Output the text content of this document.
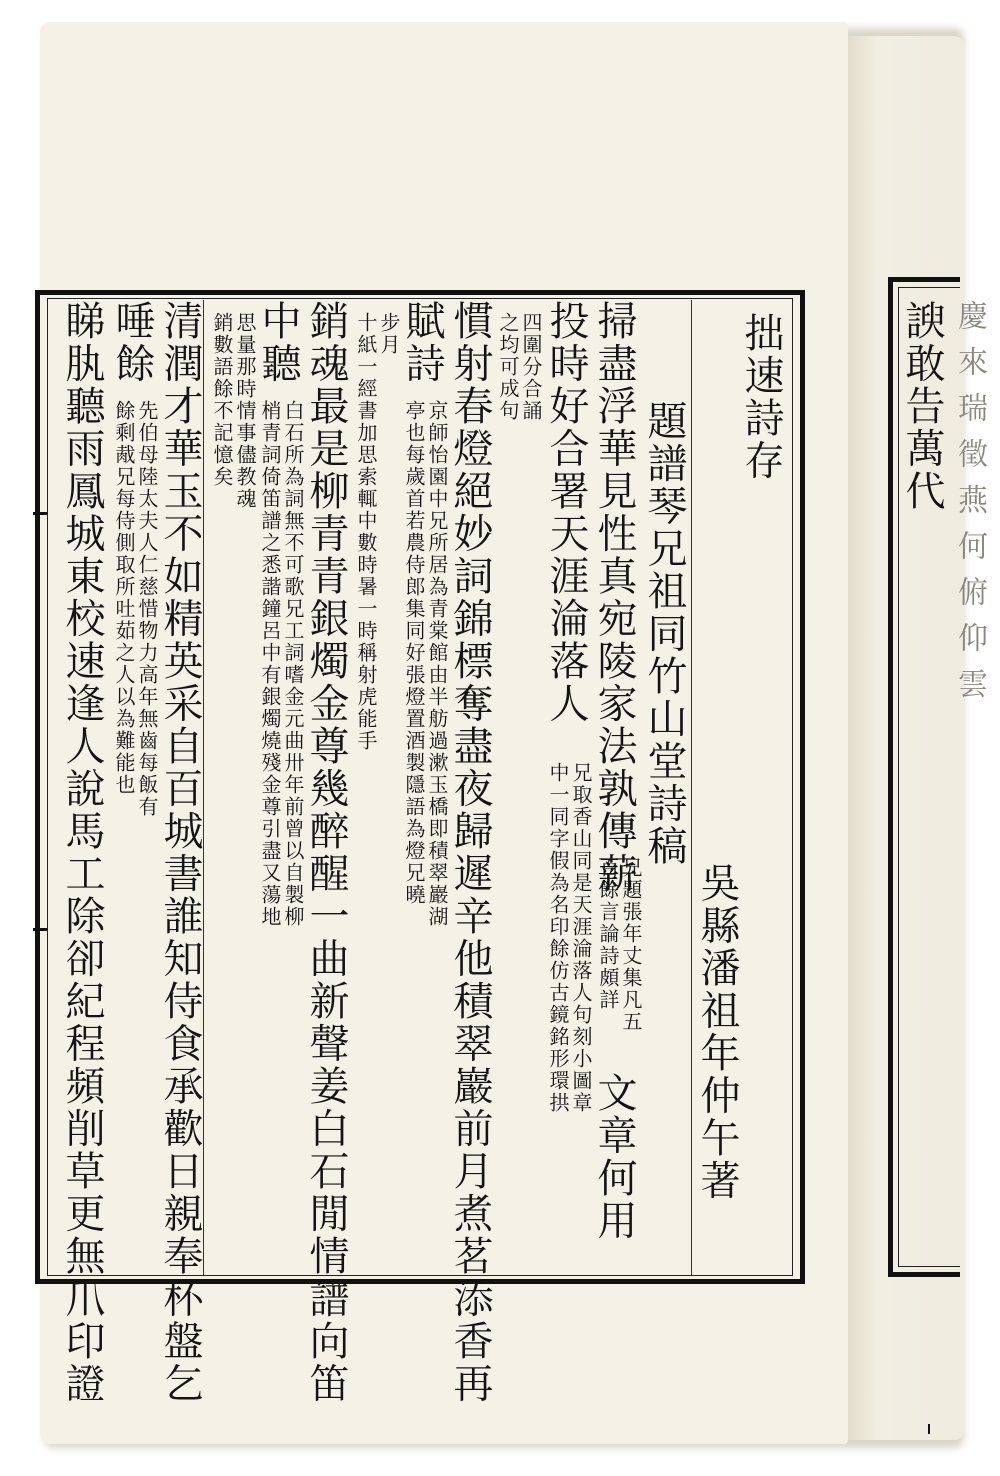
諛敢告萬代 慶來瑞徵燕何俯仰雲
拙速詩存
題譜琴兄祖同竹山堂詩稿
吳縣潘祖年仲午著
掃盡浮華見性真宛陵家法孰傳薪
兄題張年丈集凡五
百餘言論詩頗詳
文章何用
投時好合署天涯淪落人
兄取香山同是天涯淪落人句刻小圖章
中一同字假為名印餘仿古鏡銘形環拱
四圍分合誦
之均可成句
慣射春燈絕妙詞錦標奪盡夜歸遲辛他積翠巖前月煮茗添香再
賦詩
京師怡園中兄所居為青棠館由半舫過漱玉橋即積翠巖湖
亭也每歲首若農侍郎集同好張燈置酒製隱語為燈兄曉
步月
十紙一經書加思索輒中數時暑一時稱射虎能手
銷魂最是柳青青銀燭金尊幾醉醒一曲新聲姜白石閒情譜向笛
中聽
白石所為詞無不可歌兄工詞嗜金元曲卅年前曾以自製柳
梢青詞倚笛譜之悉諧鐘呂中有銀燭燒殘金尊引盡又蕩地
思量那時情事儘教魂
銷數語餘不記憶矣
清潤才華玉不如精英采自百城書誰知侍食承歡日親奉杯盤乞
唾餘
先伯母陸太夫人仁慈惜物力高年無齒每飯有
餘剩胾兄每侍側取所吐茹之人以為難能也
睇肒聽雨鳳城東校速逢人說馬工除卻紀程頻削草更無爪印證
